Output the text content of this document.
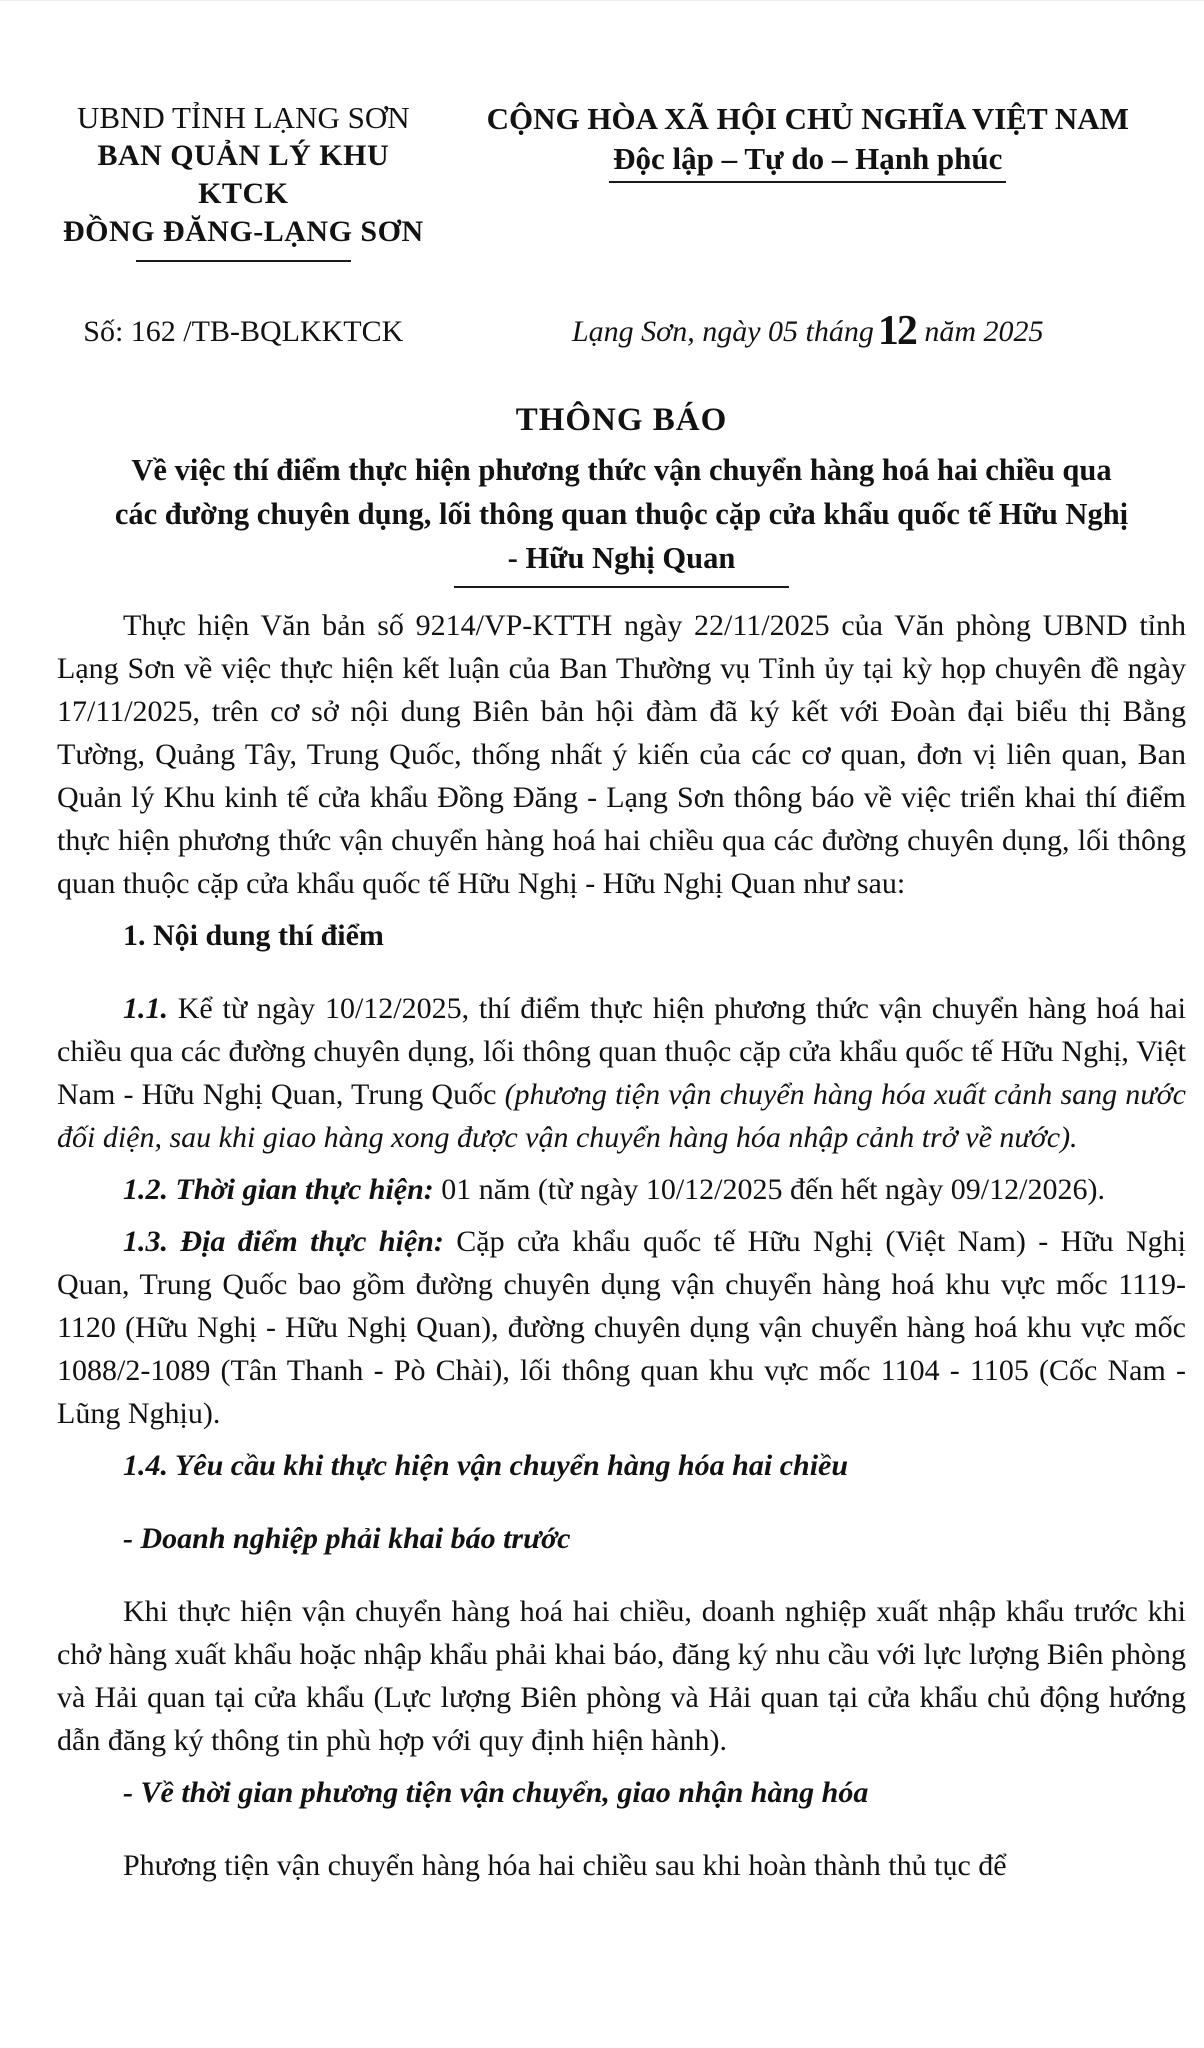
UBND TỈNH LẠNG SƠN
BAN QUẢN LÝ KHU KTCK
ĐỒNG ĐĂNG-LẠNG SƠN
CỘNG HÒA XÃ HỘI CHỦ NGHĨA VIỆT NAM
Độc lập – Tự do – Hạnh phúc
Số: 162 /TB-BQLKKTCK	Lạng Sơn, ngày 05 tháng12 năm 2025
THÔNG BÁO
Về việc thí điểm thực hiện phương thức vận chuyển hàng hoá hai chiều qua các đường chuyên dụng, lối thông quan thuộc cặp cửa khẩu quốc tế Hữu Nghị - Hữu Nghị Quan

Thực hiện Văn bản số 9214/VP-KTTH ngày 22/11/2025 của Văn phòng UBND tỉnh Lạng Sơn về việc thực hiện kết luận của Ban Thường vụ Tỉnh ủy tại kỳ họp chuyên đề ngày 17/11/2025, trên cơ sở nội dung Biên bản hội đàm đã ký kết với Đoàn đại biểu thị Bằng Tường, Quảng Tây, Trung Quốc, thống nhất ý kiến của các cơ quan, đơn vị liên quan, Ban Quản lý Khu kinh tế cửa khẩu Đồng Đăng - Lạng Sơn thông báo về việc triển khai thí điểm thực hiện phương thức vận chuyển hàng hoá hai chiều qua các đường chuyên dụng, lối thông quan thuộc cặp cửa khẩu quốc tế Hữu Nghị - Hữu Nghị Quan như sau:

1. Nội dung thí điểm

1.1. Kể từ ngày 10/12/2025, thí điểm thực hiện phương thức vận chuyển hàng hoá hai chiều qua các đường chuyên dụng, lối thông quan thuộc cặp cửa khẩu quốc tế Hữu Nghị, Việt Nam - Hữu Nghị Quan, Trung Quốc (phương tiện vận chuyển hàng hóa xuất cảnh sang nước đối diện, sau khi giao hàng xong được vận chuyển hàng hóa nhập cảnh trở về nước).

1.2. Thời gian thực hiện: 01 năm (từ ngày 10/12/2025 đến hết ngày 09/12/2026).

1.3. Địa điểm thực hiện: Cặp cửa khẩu quốc tế Hữu Nghị (Việt Nam) - Hữu Nghị Quan, Trung Quốc bao gồm đường chuyên dụng vận chuyển hàng hoá khu vực mốc 1119-1120 (Hữu Nghị - Hữu Nghị Quan), đường chuyên dụng vận chuyển hàng hoá khu vực mốc 1088/2-1089 (Tân Thanh - Pò Chài), lối thông quan khu vực mốc 1104 - 1105 (Cốc Nam - Lũng Nghịu).

1.4. Yêu cầu khi thực hiện vận chuyển hàng hóa hai chiều

- Doanh nghiệp phải khai báo trước

Khi thực hiện vận chuyển hàng hoá hai chiều, doanh nghiệp xuất nhập khẩu trước khi chở hàng xuất khẩu hoặc nhập khẩu phải khai báo, đăng ký nhu cầu với lực lượng Biên phòng và Hải quan tại cửa khẩu (Lực lượng Biên phòng và Hải quan tại cửa khẩu chủ động hướng dẫn đăng ký thông tin phù hợp với quy định hiện hành).

- Về thời gian phương tiện vận chuyển, giao nhận hàng hóa

Phương tiện vận chuyển hàng hóa hai chiều sau khi hoàn thành thủ tục để
